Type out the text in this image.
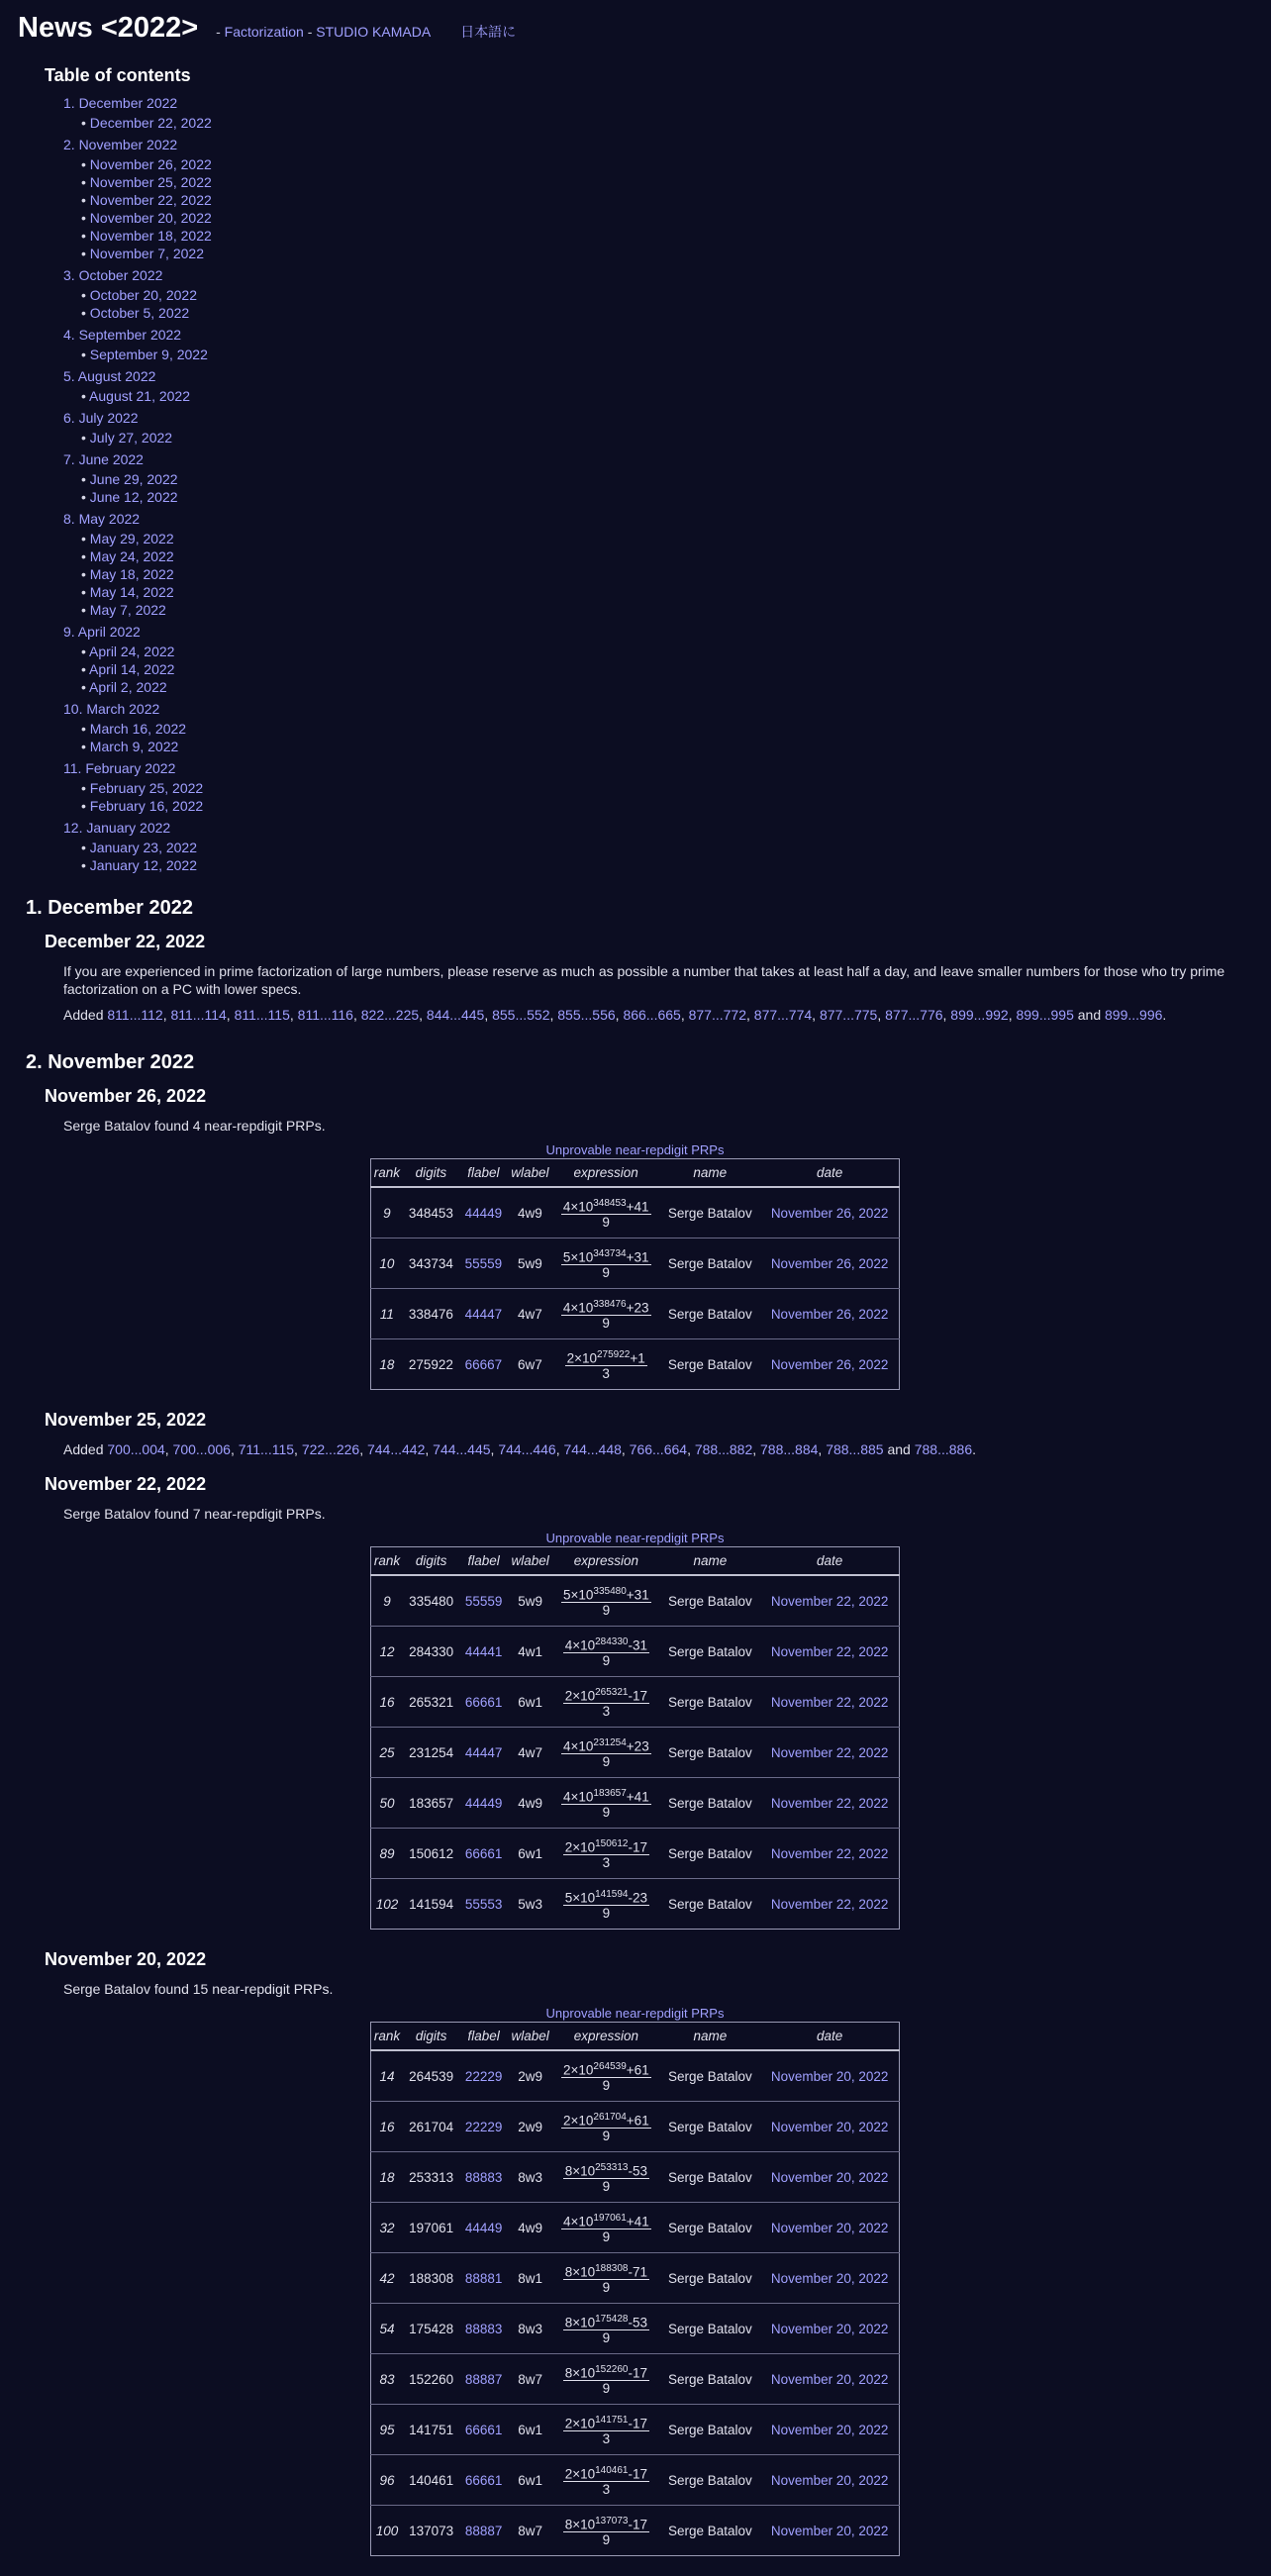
News <2022> - Factorization - STUDIO KAMADA 日本語に
Table of contents
1. December 2022
• December 22, 2022
2. November 2022
• November 26, 2022
• November 25, 2022
• November 22, 2022
• November 20, 2022
• November 18, 2022
• November 7, 2022
3. October 2022
• October 20, 2022
• October 5, 2022
4. September 2022
• September 9, 2022
5. August 2022
• August 21, 2022
6. July 2022
• July 27, 2022
7. June 2022
• June 29, 2022
• June 12, 2022
8. May 2022
• May 29, 2022
• May 24, 2022
• May 18, 2022
• May 14, 2022
• May 7, 2022
9. April 2022
• April 24, 2022
• April 14, 2022
• April 2, 2022
10. March 2022
• March 16, 2022
• March 9, 2022
11. February 2022
• February 25, 2022
• February 16, 2022
12. January 2022
• January 23, 2022
• January 12, 2022
1. December 2022
December 22, 2022

If you are experienced in prime factorization of large numbers, please reserve as much as possible a number that takes at least half a day, and leave smaller numbers for those who try prime factorization on a PC with lower specs.

Added 811...112, 811...114, 811...115, 811...116, 822...225, 844...445, 855...552, 855...556, 866...665, 877...772, 877...774, 877...775, 877...776, 899...992, 899...995 and 899...996.

2. November 2022
November 26, 2022

Serge Batalov found 4 near-repdigit PRPs.

Unprovable near-repdigit PRPs
rank	digits	flabel	wlabel	expression	name	date
9	348453	44449	4w9	$\frac{4\times 10^{348453}+41}{9}$	Serge Batalov	November 26, 2022
10	343734	55559	5w9	$\frac{5\times 10^{343734}+31}{9}$	Serge Batalov	November 26, 2022
11	338476	44447	4w7	$\frac{4\times 10^{338476}+23}{9}$	Serge Batalov	November 26, 2022
18	275922	66667	6w7	$\frac{2\times 10^{275922}+1}{3}$	Serge Batalov	November 26, 2022
November 25, 2022

Added 700...004, 700...006, 711...115, 722...226, 744...442, 744...445, 744...446, 744...448, 766...664, 788...882, 788...884, 788...885 and 788...886.

November 22, 2022

Serge Batalov found 7 near-repdigit PRPs.

Unprovable near-repdigit PRPs
rank	digits	flabel	wlabel	expression	name	date
9	335480	55559	5w9	$\frac{5\times 10^{335480}+31}{9}$	Serge Batalov	November 22, 2022
12	284330	44441	4w1	$\frac{4\times 10^{284330}-31}{9}$	Serge Batalov	November 22, 2022
16	265321	66661	6w1	$\frac{2\times 10^{265321}-17}{3}$	Serge Batalov	November 22, 2022
25	231254	44447	4w7	$\frac{4\times 10^{231254}+23}{9}$	Serge Batalov	November 22, 2022
50	183657	44449	4w9	$\frac{4\times 10^{183657}+41}{9}$	Serge Batalov	November 22, 2022
89	150612	66661	6w1	$\frac{2\times 10^{150612}-17}{3}$	Serge Batalov	November 22, 2022
102	141594	55553	5w3	$\frac{5\times 10^{141594}-23}{9}$	Serge Batalov	November 22, 2022
November 20, 2022

Serge Batalov found 15 near-repdigit PRPs.

Unprovable near-repdigit PRPs
rank	digits	flabel	wlabel	expression	name	date
14	264539	22229	2w9	$\frac{2\times 10^{264539}+61}{9}$	Serge Batalov	November 20, 2022
16	261704	22229	2w9	$\frac{2\times 10^{261704}+61}{9}$	Serge Batalov	November 20, 2022
18	253313	88883	8w3	$\frac{8\times 10^{253313}-53}{9}$	Serge Batalov	November 20, 2022
32	197061	44449	4w9	$\frac{4\times 10^{197061}+41}{9}$	Serge Batalov	November 20, 2022
42	188308	88881	8w1	$\frac{8\times 10^{188308}-71}{9}$	Serge Batalov	November 20, 2022
54	175428	88883	8w3	$\frac{8\times 10^{175428}-53}{9}$	Serge Batalov	November 20, 2022
83	152260	88887	8w7	$\frac{8\times 10^{152260}-17}{9}$	Serge Batalov	November 20, 2022
95	141751	66661	6w1	$\frac{2\times 10^{141751}-17}{3}$	Serge Batalov	November 20, 2022
96	140461	66661	6w1	$\frac{2\times 10^{140461}-17}{3}$	Serge Batalov	November 20, 2022
100	137073	88887	8w7	$\frac{8\times 10^{137073}-17}{9}$	Serge Batalov	November 20, 2022
